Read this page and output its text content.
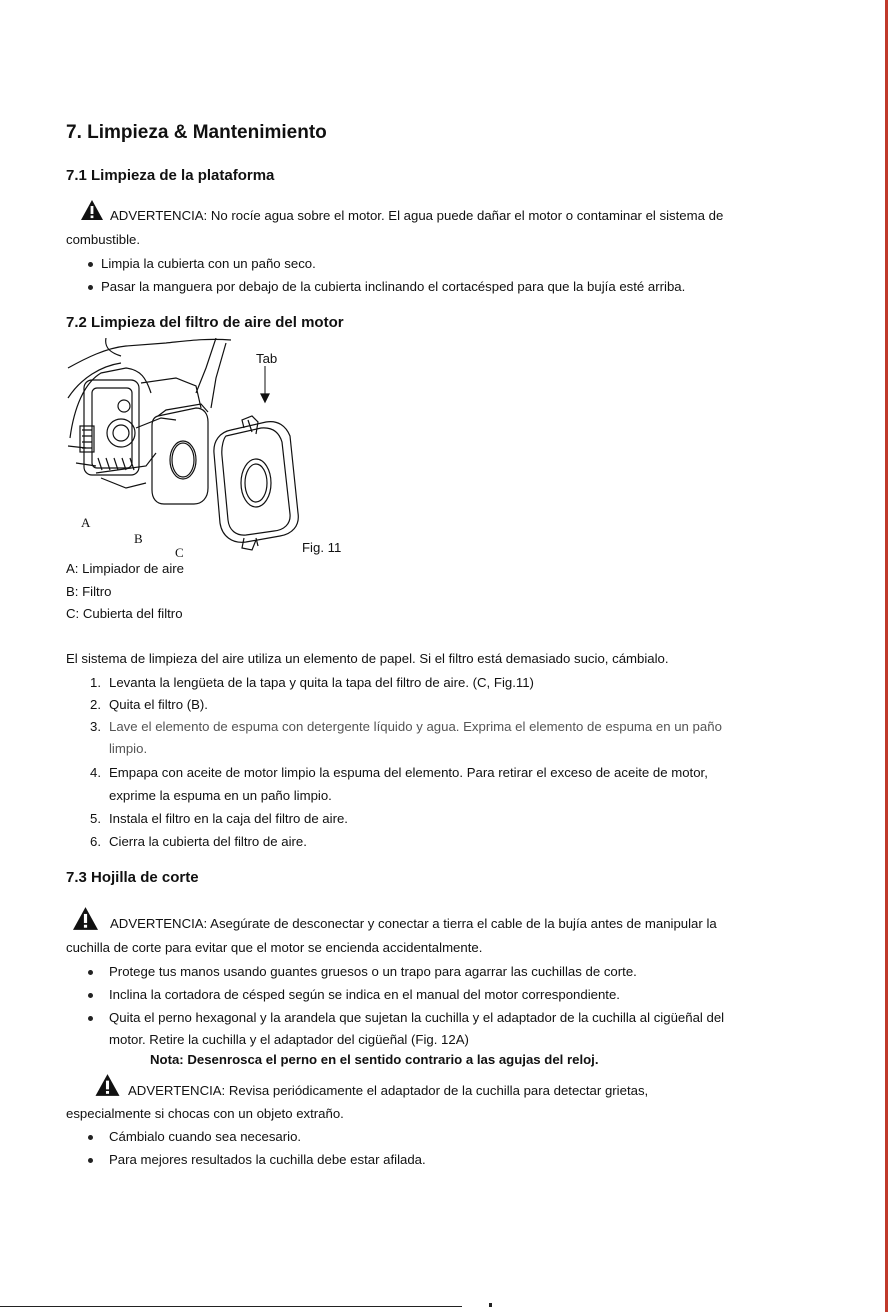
7. Limpieza & Mantenimiento
7.1 Limpieza de la plataforma
ADVERTENCIA: No rocíe agua sobre el motor. El agua puede dañar el motor o contaminar el sistema de
combustible.
Limpia la cubierta con un paño seco.
Pasar la manguera por debajo de la cubierta inclinando el cortacésped para que la bujía esté arriba.
7.2 Limpieza del filtro de aire del motor
Tab
A
B
C	Fig. 11
A: Limpiador de aire
B: Filtro
C: Cubierta del filtro
El sistema de limpieza del aire utiliza un elemento de papel. Si el filtro está demasiado sucio, cámbialo.
1. Levanta la lengüeta de la tapa y quita la tapa del filtro de aire. (C, Fig.11)
2. Quita el filtro (B).
3. Lave el elemento de espuma con detergente líquido y agua. Exprima el elemento de espuma en un paño
limpio.
4. Empapa con aceite de motor limpio la espuma del elemento. Para retirar el exceso de aceite de motor,
exprime la espuma en un paño limpio.
5. Instala el filtro en la caja del filtro de aire.
6. Cierra la cubierta del filtro de aire.
7.3 Hojilla de corte
ADVERTENCIA: Asegúrate de desconectar y conectar a tierra el cable de la bujía antes de manipular la
cuchilla de corte para evitar que el motor se encienda accidentalmente.
Protege tus manos usando guantes gruesos o un trapo para agarrar las cuchillas de corte.
Inclina la cortadora de césped según se indica en el manual del motor correspondiente.
Quita el perno hexagonal y la arandela que sujetan la cuchilla y el adaptador de la cuchilla al cigüeñal del
motor. Retire la cuchilla y el adaptador del cigüeñal (Fig. 12A)
Nota: Desenrosca el perno en el sentido contrario a las agujas del reloj.
ADVERTENCIA: Revisa periódicamente el adaptador de la cuchilla para detectar grietas,
especialmente si chocas con un objeto extraño.
Cámbialo cuando sea necesario.
Para mejores resultados la cuchilla debe estar afilada.
